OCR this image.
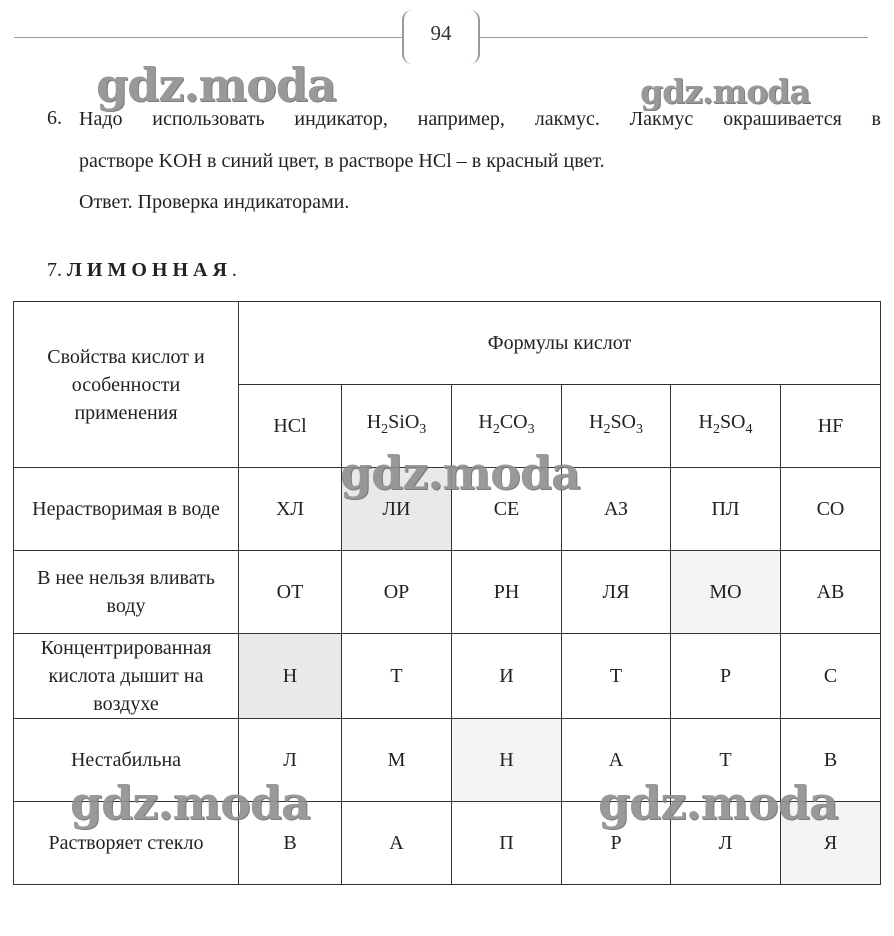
94
gdz.moda	gdz.moda
6. Надо использовать индикатор, например, лакмус. Лакмус окрашивается в
растворе KOH в синий цвет, в растворе HCl – в красный цвет.
Ответ. Проверка индикаторами.
7. ЛИМОННАЯ.
Свойства кислот и особенности применения	Формулы кислот					
	HCl	$H_2SiO_3$	$H_2CO_3$	$H_2SO_3$	$H_2SO_4$	HF

Нерастворимая в воде	ХЛ	ЛИ	СЕ	АЗ	ПЛ	СО

В нее нельзя вливать воду	ОТ	ОР	РН	ЛЯ	МО	АВ

Концентрированная кислота дышит на воздухе	Н	Т	И	Т	Р	С

Нестабильна	Л	М	Н	А	Т	В

Растворяет стекло	В	А	П	Р	Л	Я
gdz.moda
gdz.moda	gdz.moda
